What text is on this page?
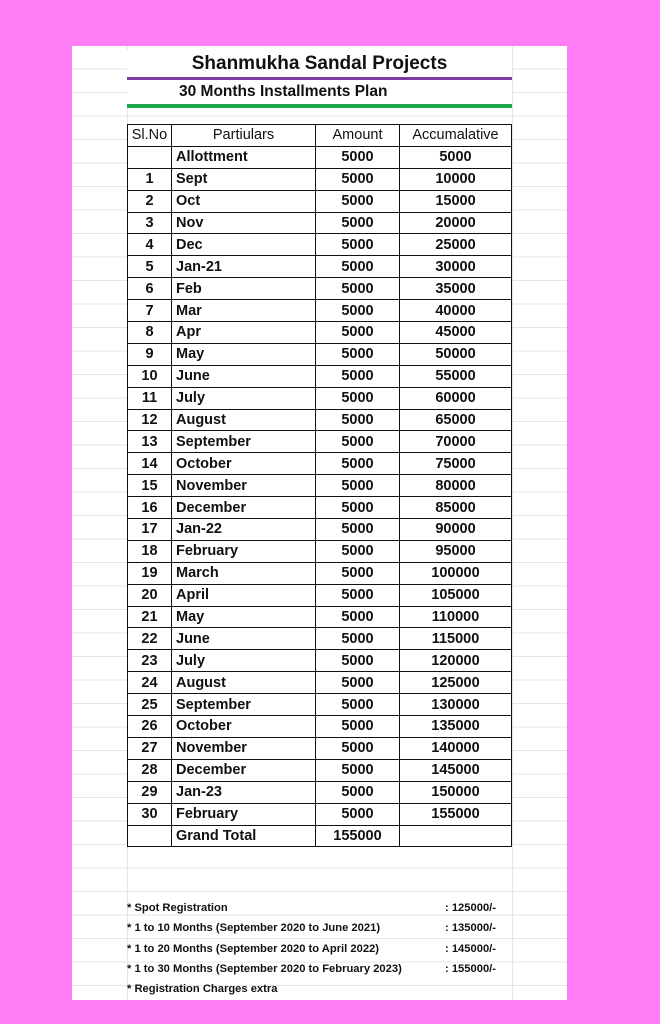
Shanmukha Sandal Projects
30 Months Installments Plan
Sl.No	Partiulars	Amount	Accumalative
	Allottment	5000	5000
1	Sept	5000	10000
2	Oct	5000	15000
3	Nov	5000	20000
4	Dec	5000	25000
5	Jan-21	5000	30000
6	Feb	5000	35000
7	Mar	5000	40000
8	Apr	5000	45000
9	May	5000	50000
10	June	5000	55000
11	July	5000	60000
12	August	5000	65000
13	September	5000	70000
14	October	5000	75000
15	November	5000	80000
16	December	5000	85000
17	Jan-22	5000	90000
18	February	5000	95000
19	March	5000	100000
20	April	5000	105000
21	May	5000	110000
22	June	5000	115000
23	July	5000	120000
24	August	5000	125000
25	September	5000	130000
26	October	5000	135000
27	November	5000	140000
28	December	5000	145000
29	Jan-23	5000	150000
30	February	5000	155000
	Grand Total	155000	
* Spot Registration	: 125000/-
* 1 to 10 Months (September 2020 to June 2021)	: 135000/-
* 1 to 20 Months (September 2020 to April 2022)	: 145000/-
* 1 to 30 Months (September 2020 to February 2023)	: 155000/-
* Registration Charges extra
